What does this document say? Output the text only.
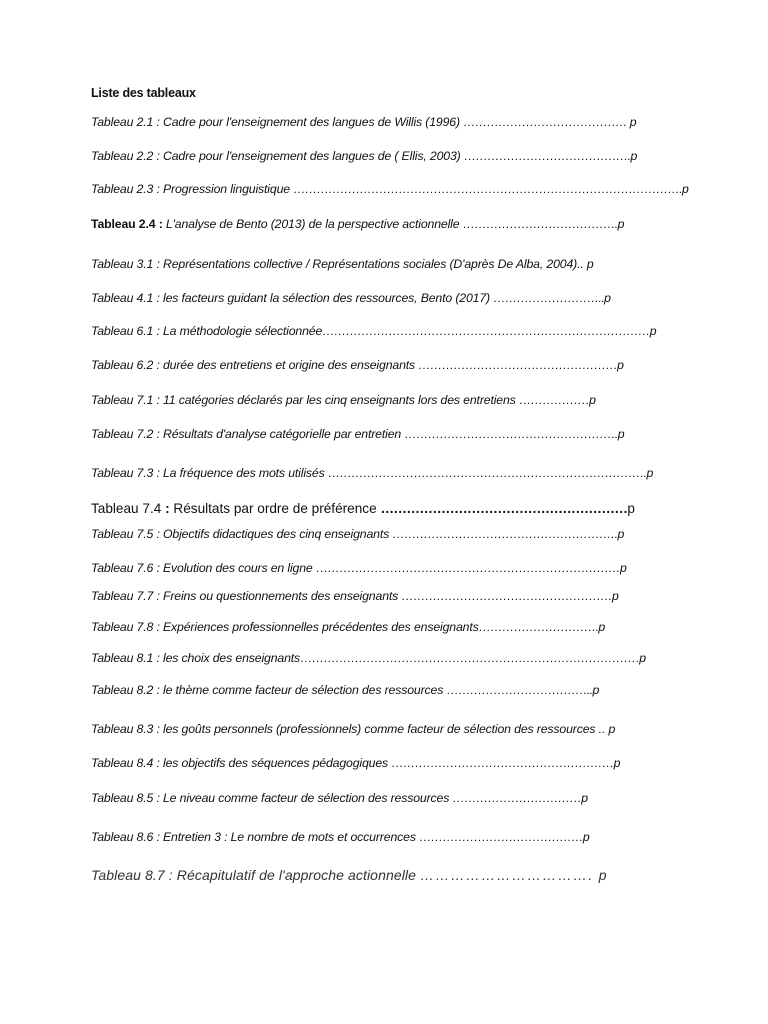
Liste des tableaux
Tableau 2.1 : Cadre pour l'enseignement des langues de Willis (1996) …………………………………… p
Tableau 2.2 : Cadre pour l'enseignement des langues de ( Ellis, 2003) …………………………………….p
Tableau 2.3 : Progression linguistique ……………………………………………………………………………………….p
Tableau 2.4 : L'analyse de Bento (2013) de la perspective actionnelle ………………………………….p
Tableau 3.1 : Représentations collective / Représentations sociales (D'après De Alba, 2004).. p
Tableau 4.1 : les facteurs guidant la sélection des ressources, Bento (2017) ………………………..p
Tableau 6.1 : La méthodologie sélectionnée…………………………………………………………………………p
Tableau 6.2 : durée des entretiens et origine des enseignants ……………………………………………p
Tableau 7.1 : 11 catégories déclarés par les cinq enseignants lors des entretiens ………………p
Tableau 7.2 : Résultats d'analyse catégorielle par entretien ……………………………………………….p
Tableau 7.3 : La fréquence des mots utilisés ……………………………………………………………………….p
Tableau 7.4 : Résultats par ordre de préférence …………………………………………………p
Tableau 7.5 : Objectifs didactiques des cinq enseignants ………………………………………………….p
Tableau 7.6 : Evolution des cours en ligne ……………………………………………………………………p
Tableau 7.7 : Freins ou questionnements des enseignants ………………………………………………p
Tableau 7.8 : Expériences professionnelles précédentes des enseignants………………………….p
Tableau 8.1 : les choix des enseignants……………………………………………………………………………p
Tableau 8.2 : le thème comme facteur de sélection des ressources ………………………………..p
Tableau 8.3 : les goûts personnels (professionnels) comme facteur de sélection des ressources .. p
Tableau 8.4 : les objectifs des séquences pédagogiques …………………………………………………p
Tableau 8.5 : Le niveau comme facteur de sélection des ressources ……………………………p
Tableau 8.6 : Entretien 3 : Le nombre de mots et occurrences ……………………………………p
Tableau 8.7 : Récapitulatif de l'approche actionnelle ……………………………. p
